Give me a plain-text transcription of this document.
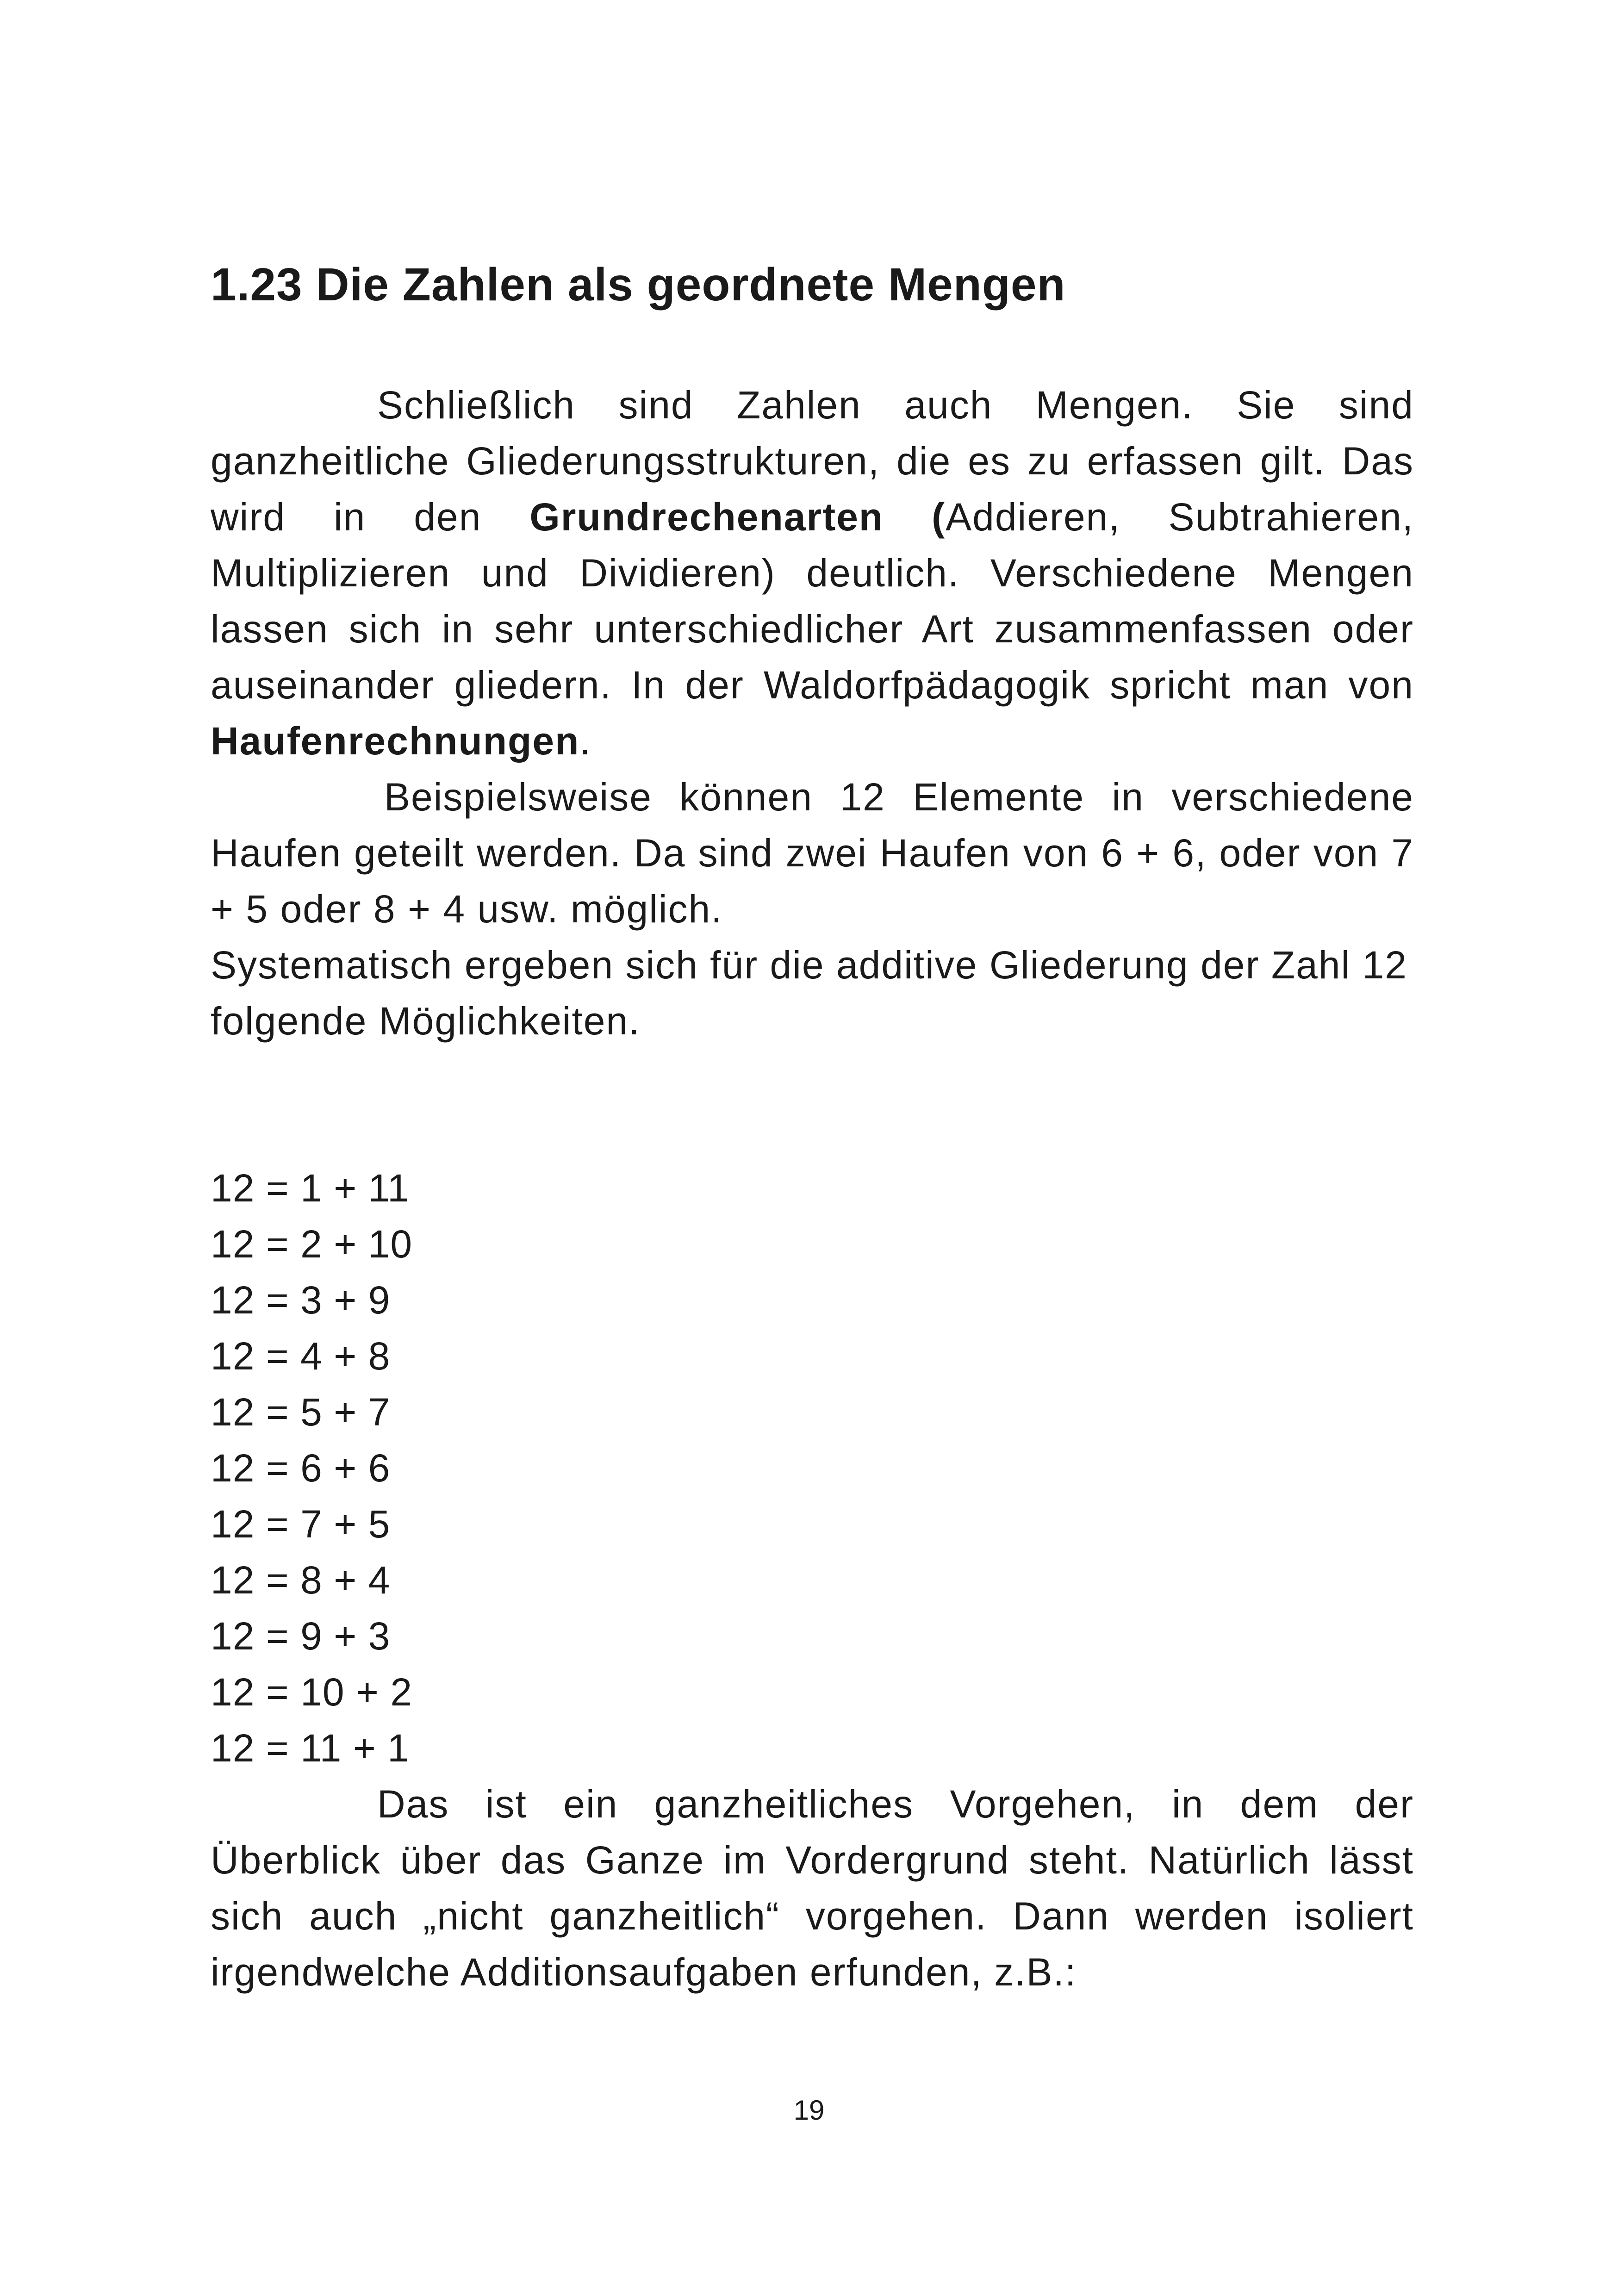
1.23 Die Zahlen als geordnete Mengen

Schließlich sind Zahlen auch Mengen. Sie sind ganzheitliche Gliederungsstrukturen, die es zu erfassen gilt. Das wird in den Grundrechenarten (Addieren, Subtrahieren, Multiplizieren und Dividieren) deutlich. Verschiedene Mengen lassen sich in sehr unterschiedlicher Art zusammenfassen oder auseinander gliedern. In der Waldorfpädagogik spricht man von Haufenrechnungen.

Beispielsweise können 12 Elemente in verschiedene Haufen geteilt werden. Da sind zwei Haufen von 6 + 6, oder von 7 + 5 oder 8 + 4 usw. möglich.

Systematisch ergeben sich für die additive Gliederung der Zahl 12 folgende Möglichkeiten.

12 = 1 + 11
12 = 2 + 10
12 = 3 + 9
12 = 4 + 8
12 = 5 + 7
12 = 6 + 6
12 = 7 + 5
12 = 8 + 4
12 = 9 + 3
12 = 10 + 2
12 = 11 + 1

Das ist ein ganzheitliches Vorgehen, in dem der Überblick über das Ganze im Vordergrund steht. Natürlich lässt sich auch „nicht ganzheitlich“ vorgehen. Dann werden isoliert irgendwelche Additionsaufgaben erfunden, z.B.:

19
